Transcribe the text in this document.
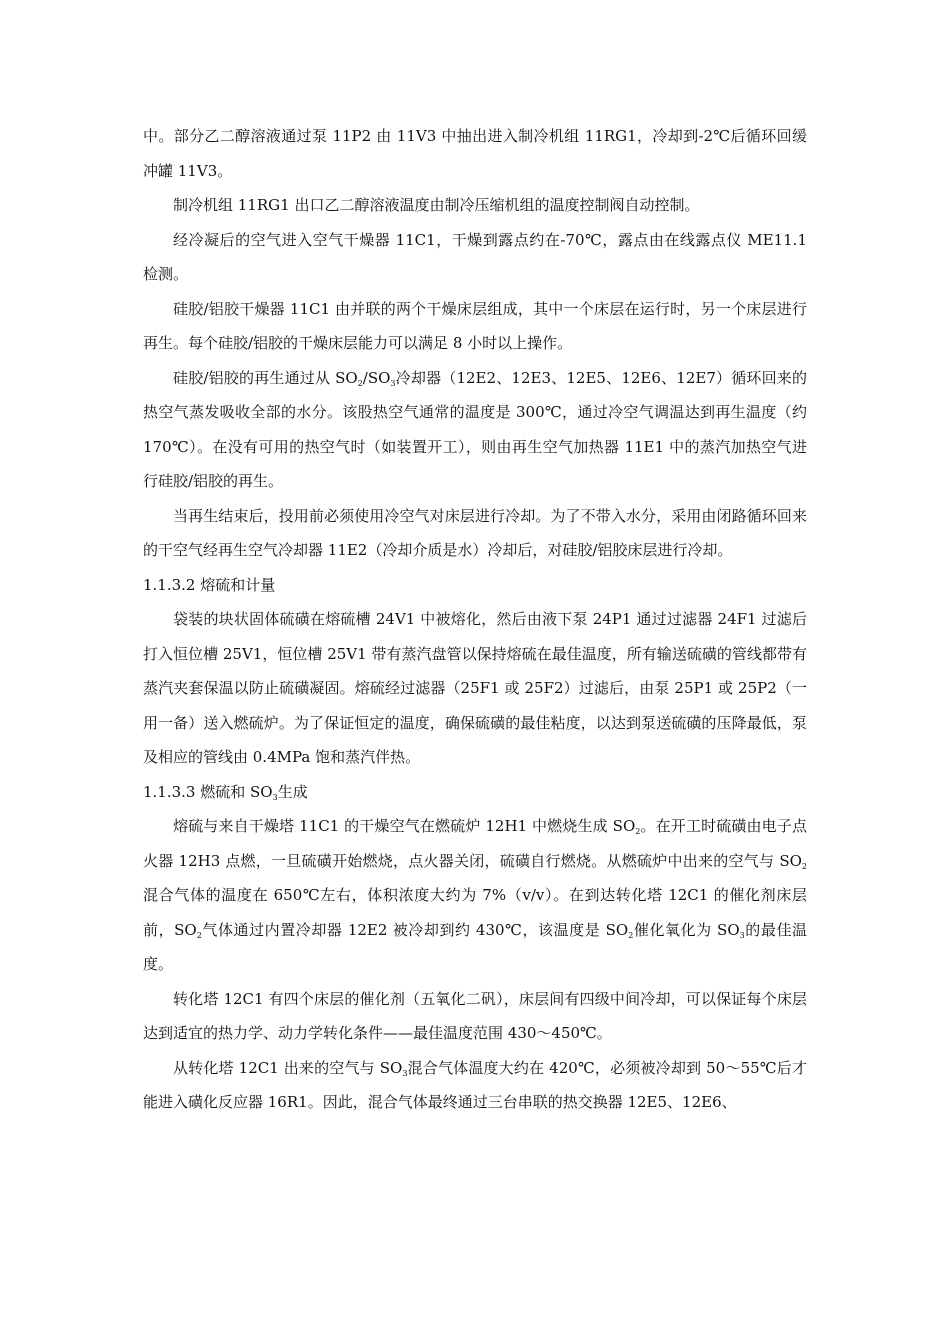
中。部分乙二醇溶液通过泵 11P2 由 11V3 中抽出进入制冷机组 11RG1，冷却到-2℃后循环回缓冲罐 11V3。

制冷机组 11RG1 出口乙二醇溶液温度由制冷压缩机组的温度控制阀自动控制。

经冷凝后的空气进入空气干燥器 11C1，干燥到露点约在-70℃，露点由在线露点仪 ME11.1 检测。

硅胶/铝胶干燥器 11C1 由并联的两个干燥床层组成，其中一个床层在运行时，另一个床层进行再生。每个硅胶/铝胶的干燥床层能力可以满足 8 小时以上操作。

硅胶/铝胶的再生通过从 $SO_2/SO_3$冷却器（12E2、12E3、12E5、12E6、12E7）循环回来的热空气蒸发吸收全部的水分。该股热空气通常的温度是 300℃，通过冷空气调温达到再生温度（约 170℃）。在没有可用的热空气时（如装置开工），则由再生空气加热器 11E1 中的蒸汽加热空气进行硅胶/铝胶的再生。

当再生结束后，投用前必须使用冷空气对床层进行冷却。为了不带入水分，采用由闭路循环回来的干空气经再生空气冷却器 11E2（冷却介质是水）冷却后，对硅胶/铝胶床层进行冷却。

1.1.3.2 熔硫和计量

袋装的块状固体硫磺在熔硫槽 24V1 中被熔化，然后由液下泵 24P1 通过过滤器 24F1 过滤后打入恒位槽 25V1，恒位槽 25V1 带有蒸汽盘管以保持熔硫在最佳温度，所有输送硫磺的管线都带有蒸汽夹套保温以防止硫磺凝固。熔硫经过滤器（25F1 或 25F2）过滤后，由泵 25P1 或 25P2（一用一备）送入燃硫炉。为了保证恒定的温度，确保硫磺的最佳粘度，以达到泵送硫磺的压降最低，泵及相应的管线由 0.4MPa 饱和蒸汽伴热。

1.1.3.3 燃硫和 $SO_3$生成

熔硫与来自干燥塔 11C1 的干燥空气在燃硫炉 12H1 中燃烧生成 $SO_2$。在开工时硫磺由电子点火器 12H3 点燃，一旦硫磺开始燃烧，点火器关闭，硫磺自行燃烧。从燃硫炉中出来的空气与 $SO_2$混合气体的温度在 650℃左右，体积浓度大约为 7%（v/v）。在到达转化塔 12C1 的催化剂床层前，$SO_2$气体通过内置冷却器 12E2 被冷却到约 430℃，该温度是 $SO_2$催化氧化为 $SO_3$的最佳温度。

转化塔 12C1 有四个床层的催化剂（五氧化二矾），床层间有四级中间冷却，可以保证每个床层达到适宜的热力学、动力学转化条件——最佳温度范围 430～450℃。

从转化塔 12C1 出来的空气与 $SO_3$混合气体温度大约在 420℃，必须被冷却到 50～55℃后才能进入磺化反应器 16R1。因此，混合气体最终通过三台串联的热交换器 12E5、12E6、
